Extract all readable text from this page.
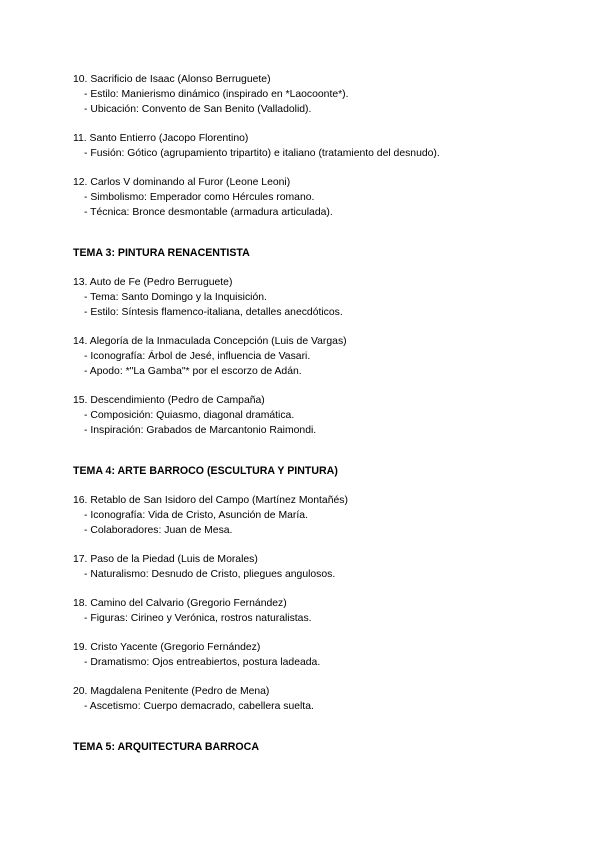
10. Sacrificio de Isaac (Alonso Berruguete)

- Estilo: Manierismo dinámico (inspirado en *Laocoonte*).

- Ubicación: Convento de San Benito (Valladolid).

11. Santo Entierro (Jacopo Florentino)

- Fusión: Gótico (agrupamiento tripartito) e italiano (tratamiento del desnudo).

12. Carlos V dominando al Furor (Leone Leoni)

- Simbolismo: Emperador como Hércules romano.

- Técnica: Bronce desmontable (armadura articulada).

TEMA 3: PINTURA RENACENTISTA

13. Auto de Fe (Pedro Berruguete)

- Tema: Santo Domingo y la Inquisición.

- Estilo: Síntesis flamenco-italiana, detalles anecdóticos.

14. Alegoría de la Inmaculada Concepción (Luis de Vargas)

- Iconografía: Árbol de Jesé, influencia de Vasari.

- Apodo: *"La Gamba"* por el escorzo de Adán.

15. Descendimiento (Pedro de Campaña)

- Composición: Quiasmo, diagonal dramática.

- Inspiración: Grabados de Marcantonio Raimondi.

TEMA 4: ARTE BARROCO (ESCULTURA Y PINTURA)

16. Retablo de San Isidoro del Campo (Martínez Montañés)

- Iconografía: Vida de Cristo, Asunción de María.

- Colaboradores: Juan de Mesa.

17. Paso de la Piedad (Luis de Morales)

- Naturalismo: Desnudo de Cristo, pliegues angulosos.

18. Camino del Calvario (Gregorio Fernández)

- Figuras: Cirineo y Verónica, rostros naturalistas.

19. Cristo Yacente (Gregorio Fernández)

- Dramatismo: Ojos entreabiertos, postura ladeada.

20. Magdalena Penitente (Pedro de Mena)

- Ascetismo: Cuerpo demacrado, cabellera suelta.

TEMA 5: ARQUITECTURA BARROCA
